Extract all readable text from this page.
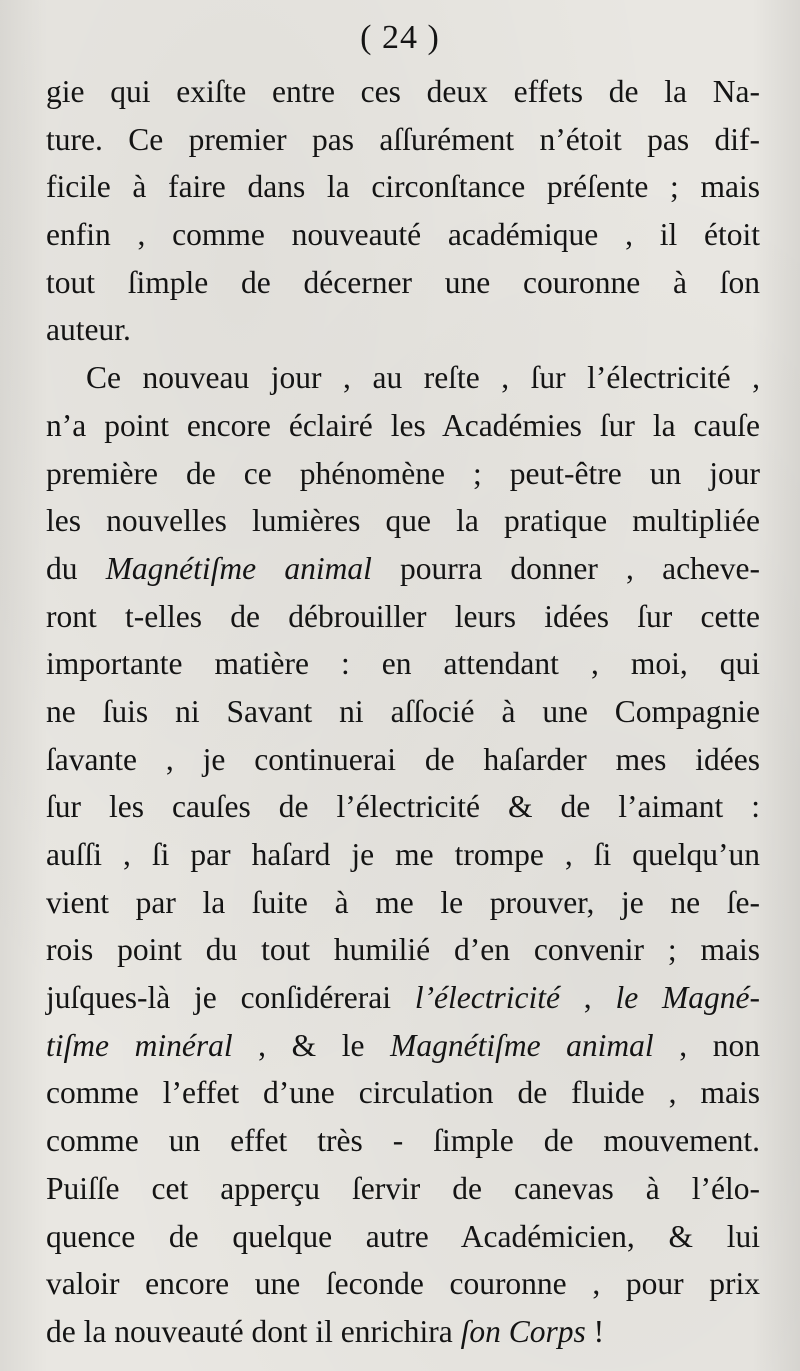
( 24 )
gie qui exiſte entre ces deux effets de la Na-
ture. Ce premier pas aſſurément n’étoit pas dif-
ficile à faire dans la circonſtance préſente ; mais
enfin , comme nouveauté académique , il étoit
tout ſimple de décerner une couronne à ſon
auteur.
Ce nouveau jour , au reſte , ſur l’électricité ,
n’a point encore éclairé les Académies ſur la cauſe
première de ce phénomène ; peut-être un jour
les nouvelles lumières que la pratique multipliée
du Magnétiſme animal pourra donner , acheve-
ront t-elles de débrouiller leurs idées ſur cette
importante matière : en attendant , moi, qui
ne ſuis ni Savant ni aſſocié à une Compagnie
ſavante , je continuerai de haſarder mes idées
ſur les cauſes de l’électricité & de l’aimant :
auſſi , ſi par haſard je me trompe , ſi quelqu’un
vient par la ſuite à me le prouver, je ne ſe-
rois point du tout humilié d’en convenir ; mais
juſques-là je conſidérerai l’électricité , le Magné-
tiſme minéral , & le Magnétiſme animal , non
comme l’effet d’une circulation de fluide , mais
comme un effet très - ſimple de mouvement.
Puiſſe cet apperçu ſervir de canevas à l’élo-
quence de quelque autre Académicien, & lui
valoir encore une ſeconde couronne , pour prix
de la nouveauté dont il enrichira ſon Corps !
